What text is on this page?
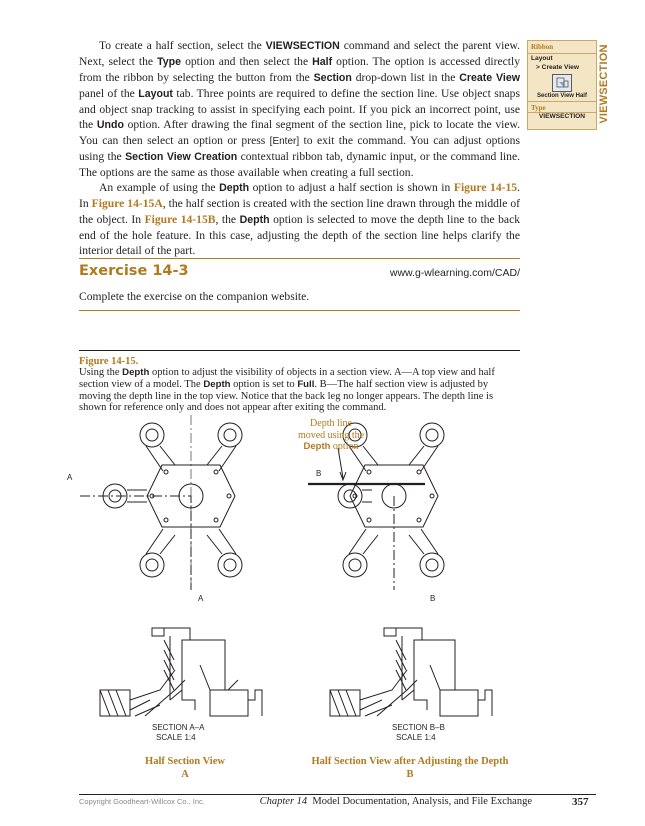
To create a half section, select the VIEWSECTION command and select the parent view. Next, select the Type option and then select the Half option. The option is accessed directly from the ribbon by selecting the button from the Section drop-down list in the Create View panel of the Layout tab. Three points are required to define the section line. Use object snaps and object snap tracking to assist in specifying each point. If you pick an incorrect point, use the Undo option. After drawing the final segment of the section line, pick to locate the view. You can then select an option or press [Enter] to exit the command. You can adjust options using the Section View Creation contextual ribbon tab, dynamic input, or the command line. The options are the same as those available when creating a full section.

An example of using the Depth option to adjust a half section is shown in Figure 14-15. In Figure 14-15A, the half section is created with the section line drawn through the middle of the object. In Figure 14-15B, the Depth option is selected to move the depth line to the back end of the hole feature. In this case, adjusting the depth of the section line helps clarify the interior detail of the part.

Ribbon
Layout
> Create View
Section View Half
Type
VIEWSECTION	VIEWSECTION
Exercise 14-3	www.g-wlearning.com/CAD/
Complete the exercise on the companion website.
Figure 14-15.
Using the Depth option to adjust the visibility of objects in a section view. A—A top view and half section view of a model. The Depth option is set to Full. B—The half section view is adjusted by moving the depth line in the top view. Notice that the back leg no longer appears. The depth line is shown for reference only and does not appear after exiting the command.
A
A
B
B
SECTION A–A
SCALE 1:4
SECTION B–B
SCALE 1:4
Depth line
moved using the
Depth option
Half Section View
A
Half Section View after Adjusting the Depth
B
Copyright Goodheart-Willcox Co., Inc.	Chapter 14  Model Documentation, Analysis, and File Exchange	357
